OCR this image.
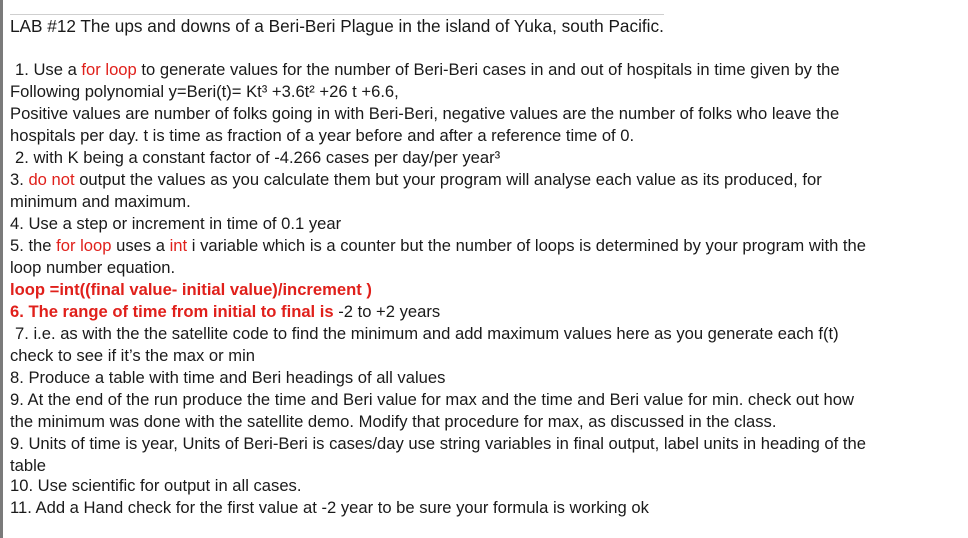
LAB #12 The ups and downs of a Beri-Beri Plague in the island of Yuka, south Pacific.
1. Use a for loop to generate values for the number of Beri-Beri cases in and out of hospitals in time given by the
Following polynomial y=Beri(t)= Kt³ +3.6t² +26 t +6.6,
Positive values are number of folks going in with Beri-Beri, negative values are the number of folks who leave the
hospitals per day. t is time as fraction of a year before and after a reference time of 0.
2. with K being a constant factor of -4.266 cases per day/per year³
3. do not output the values as you calculate them but your program will analyse each value as its produced, for
minimum and maximum.
4. Use a step or increment in time of 0.1 year
5. the for loop uses a int i variable which is a counter but the number of loops is determined by your program with the
loop number equation.
loop =int((final value- initial value)/increment )
6. The range of time from initial to final is -2 to +2 years
7. i.e. as with the the satellite code to find the minimum and add maximum values here as you generate each f(t)
check to see if it’s the max or min
8. Produce a table with time and Beri headings of all values
9. At the end of the run produce the time and Beri value for max and the time and Beri value for min. check out how
the minimum was done with the satellite demo. Modify that procedure for max, as discussed in the class.
9. Units of time is year, Units of Beri-Beri is cases/day use string variables in final output, label units in heading of the
table
10. Use scientific for output in all cases.
11. Add a Hand check for the first value at -2 year to be sure your formula is working ok
